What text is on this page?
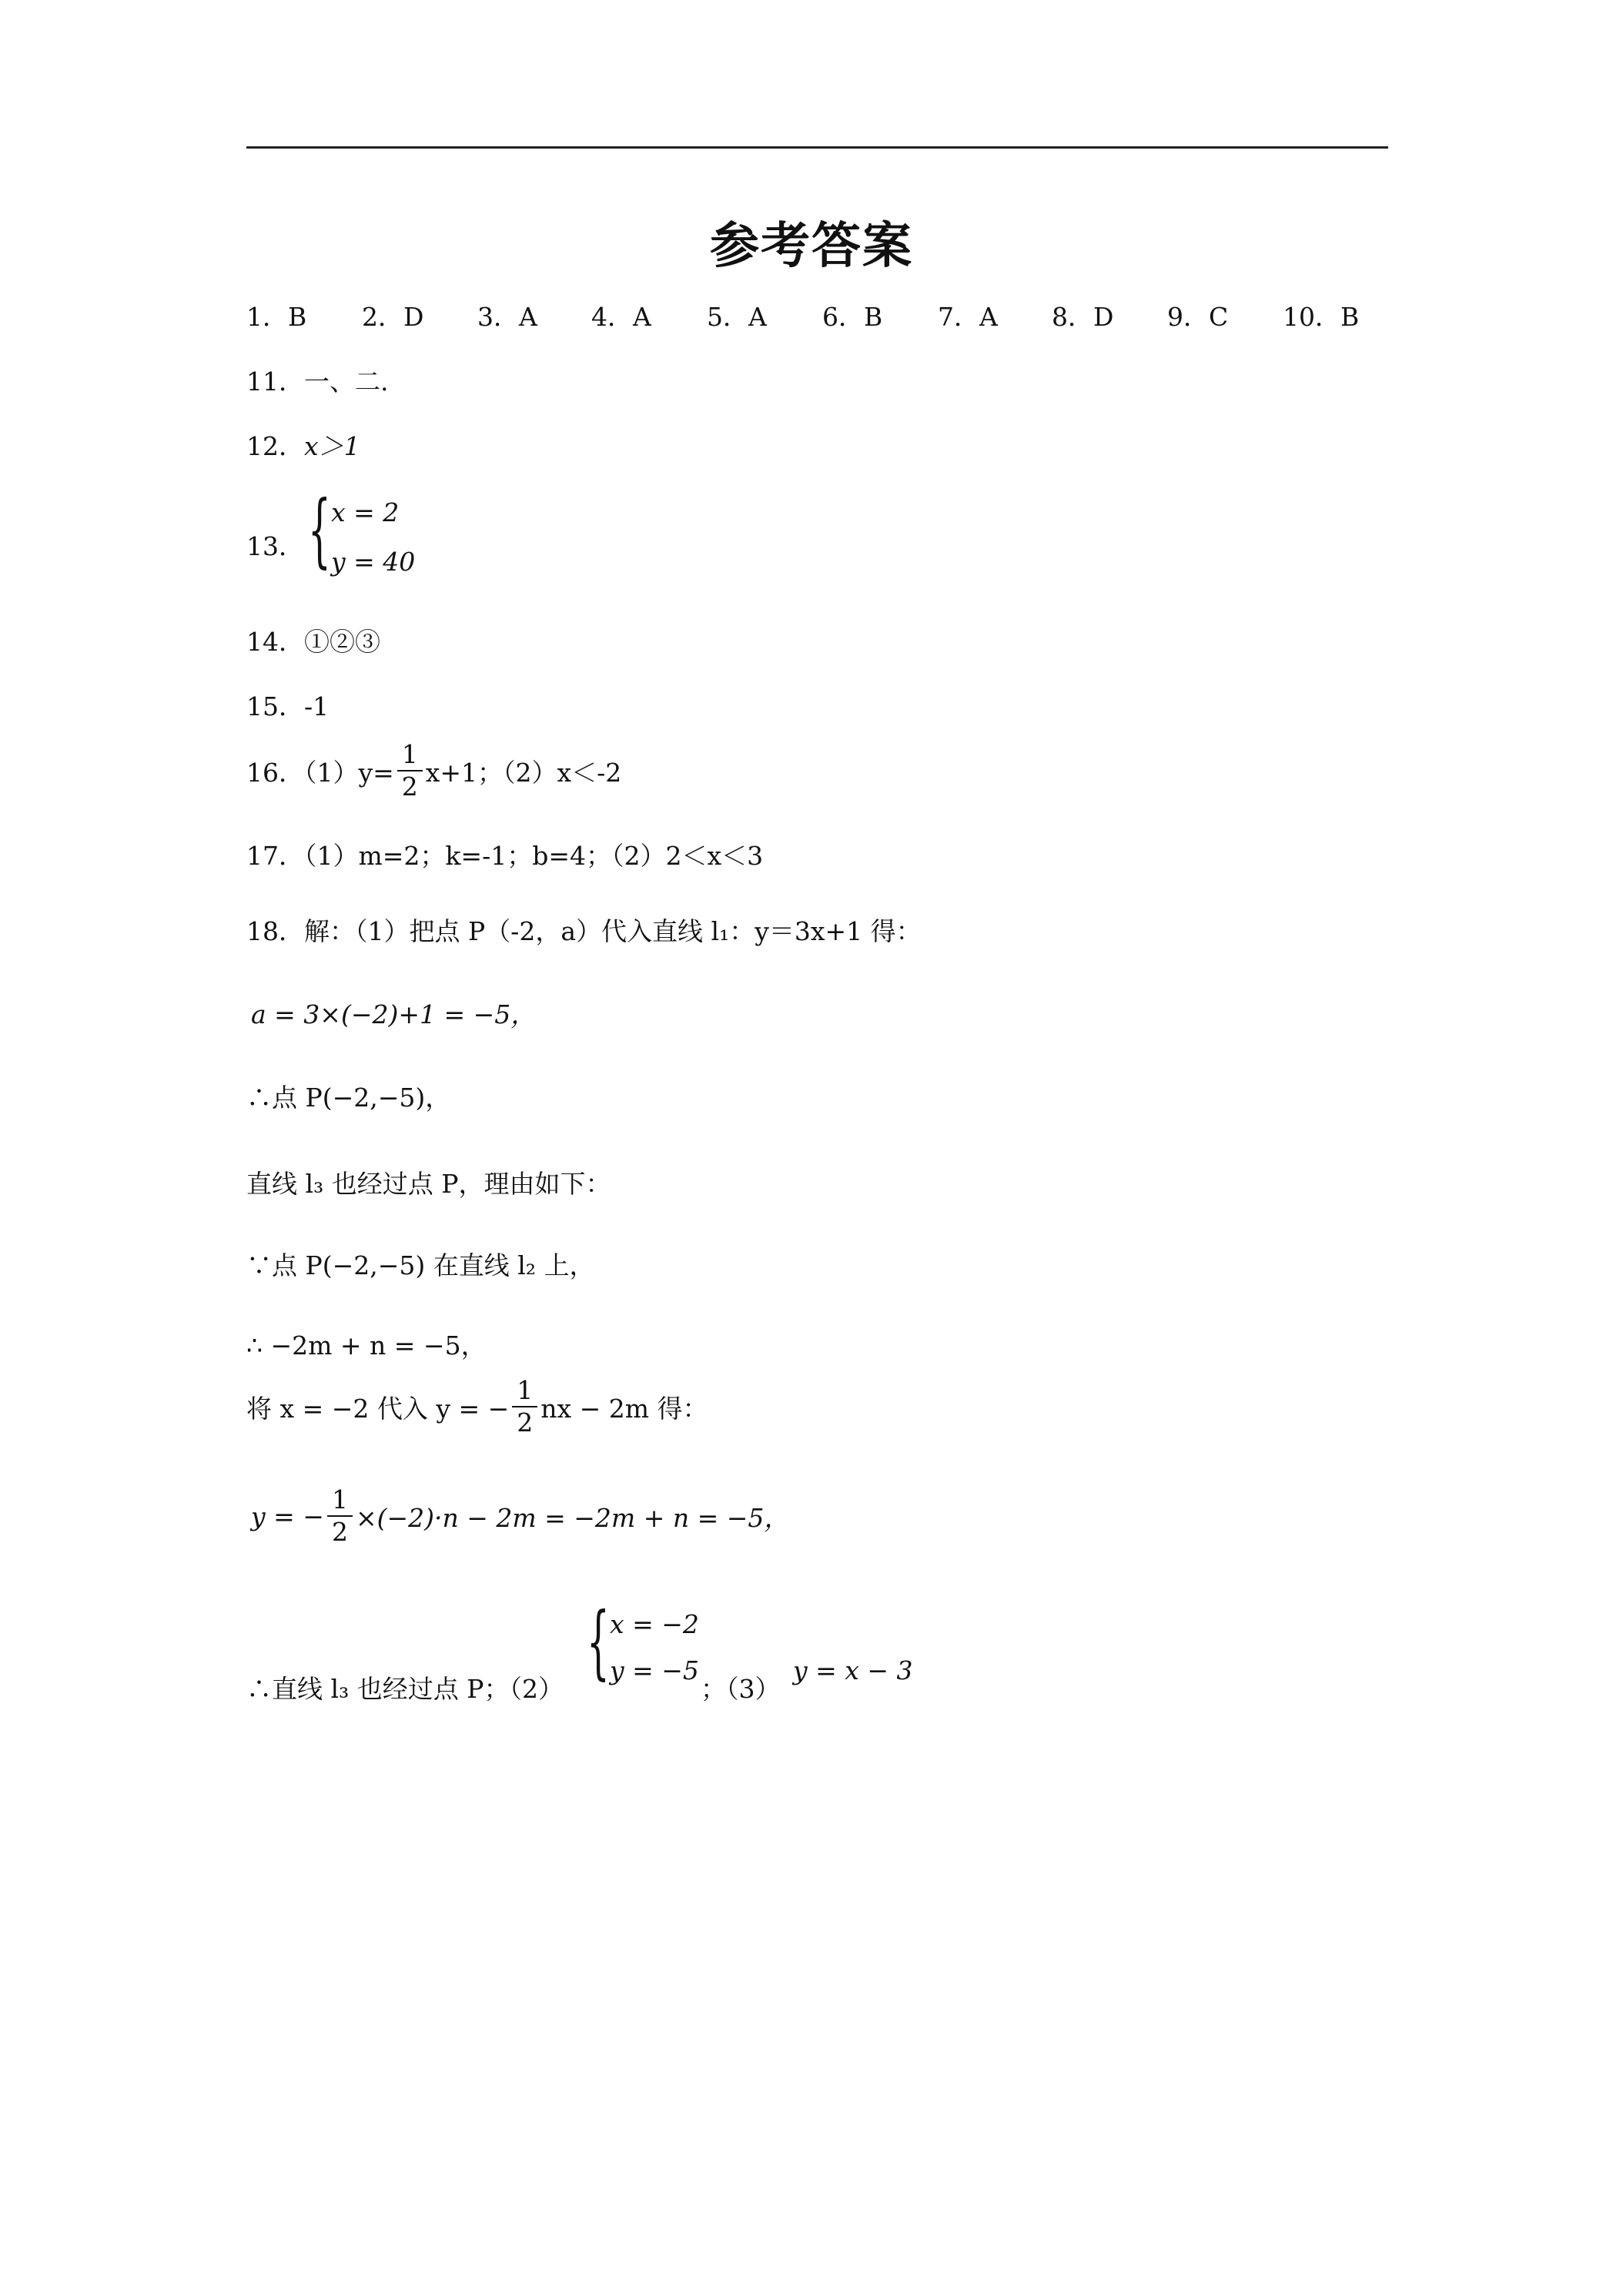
参考答案
1．B 2．D 3．A 4．A 5．A 6．B 7．A 8．D 9．C 10．B
11．一、二.
12．x＞1
13． { x = 2
y = 40
14．①②③
15．-1
16．$(1)y= \frac{1}{2} x+1$；（2）x＜-2
17．（1）m=2；k=-1；b=4；（2）2＜x＜3
18．解：（1）把点 P（-2，a）代入直线 l₁：y＝3x+1 得：
a = 3×(−2)+1 = −5，
∴点 P(−2,−5)，
直线 l₃ 也经过点 P，理由如下：
∵点 P(−2,−5) 在直线 l₂ 上，
∴ −2m + n = −5，
将 x = −2 代入 y = − $\frac{1}{2}$ nx − 2m 得：
y = − $\frac{1}{2} \times(-2)\cdot n - 2m = -2m + n = -5$，
∴直线 l₃ 也经过点 P；（2）
{ x = −2
y = −5
；（3）
y = x − 3
